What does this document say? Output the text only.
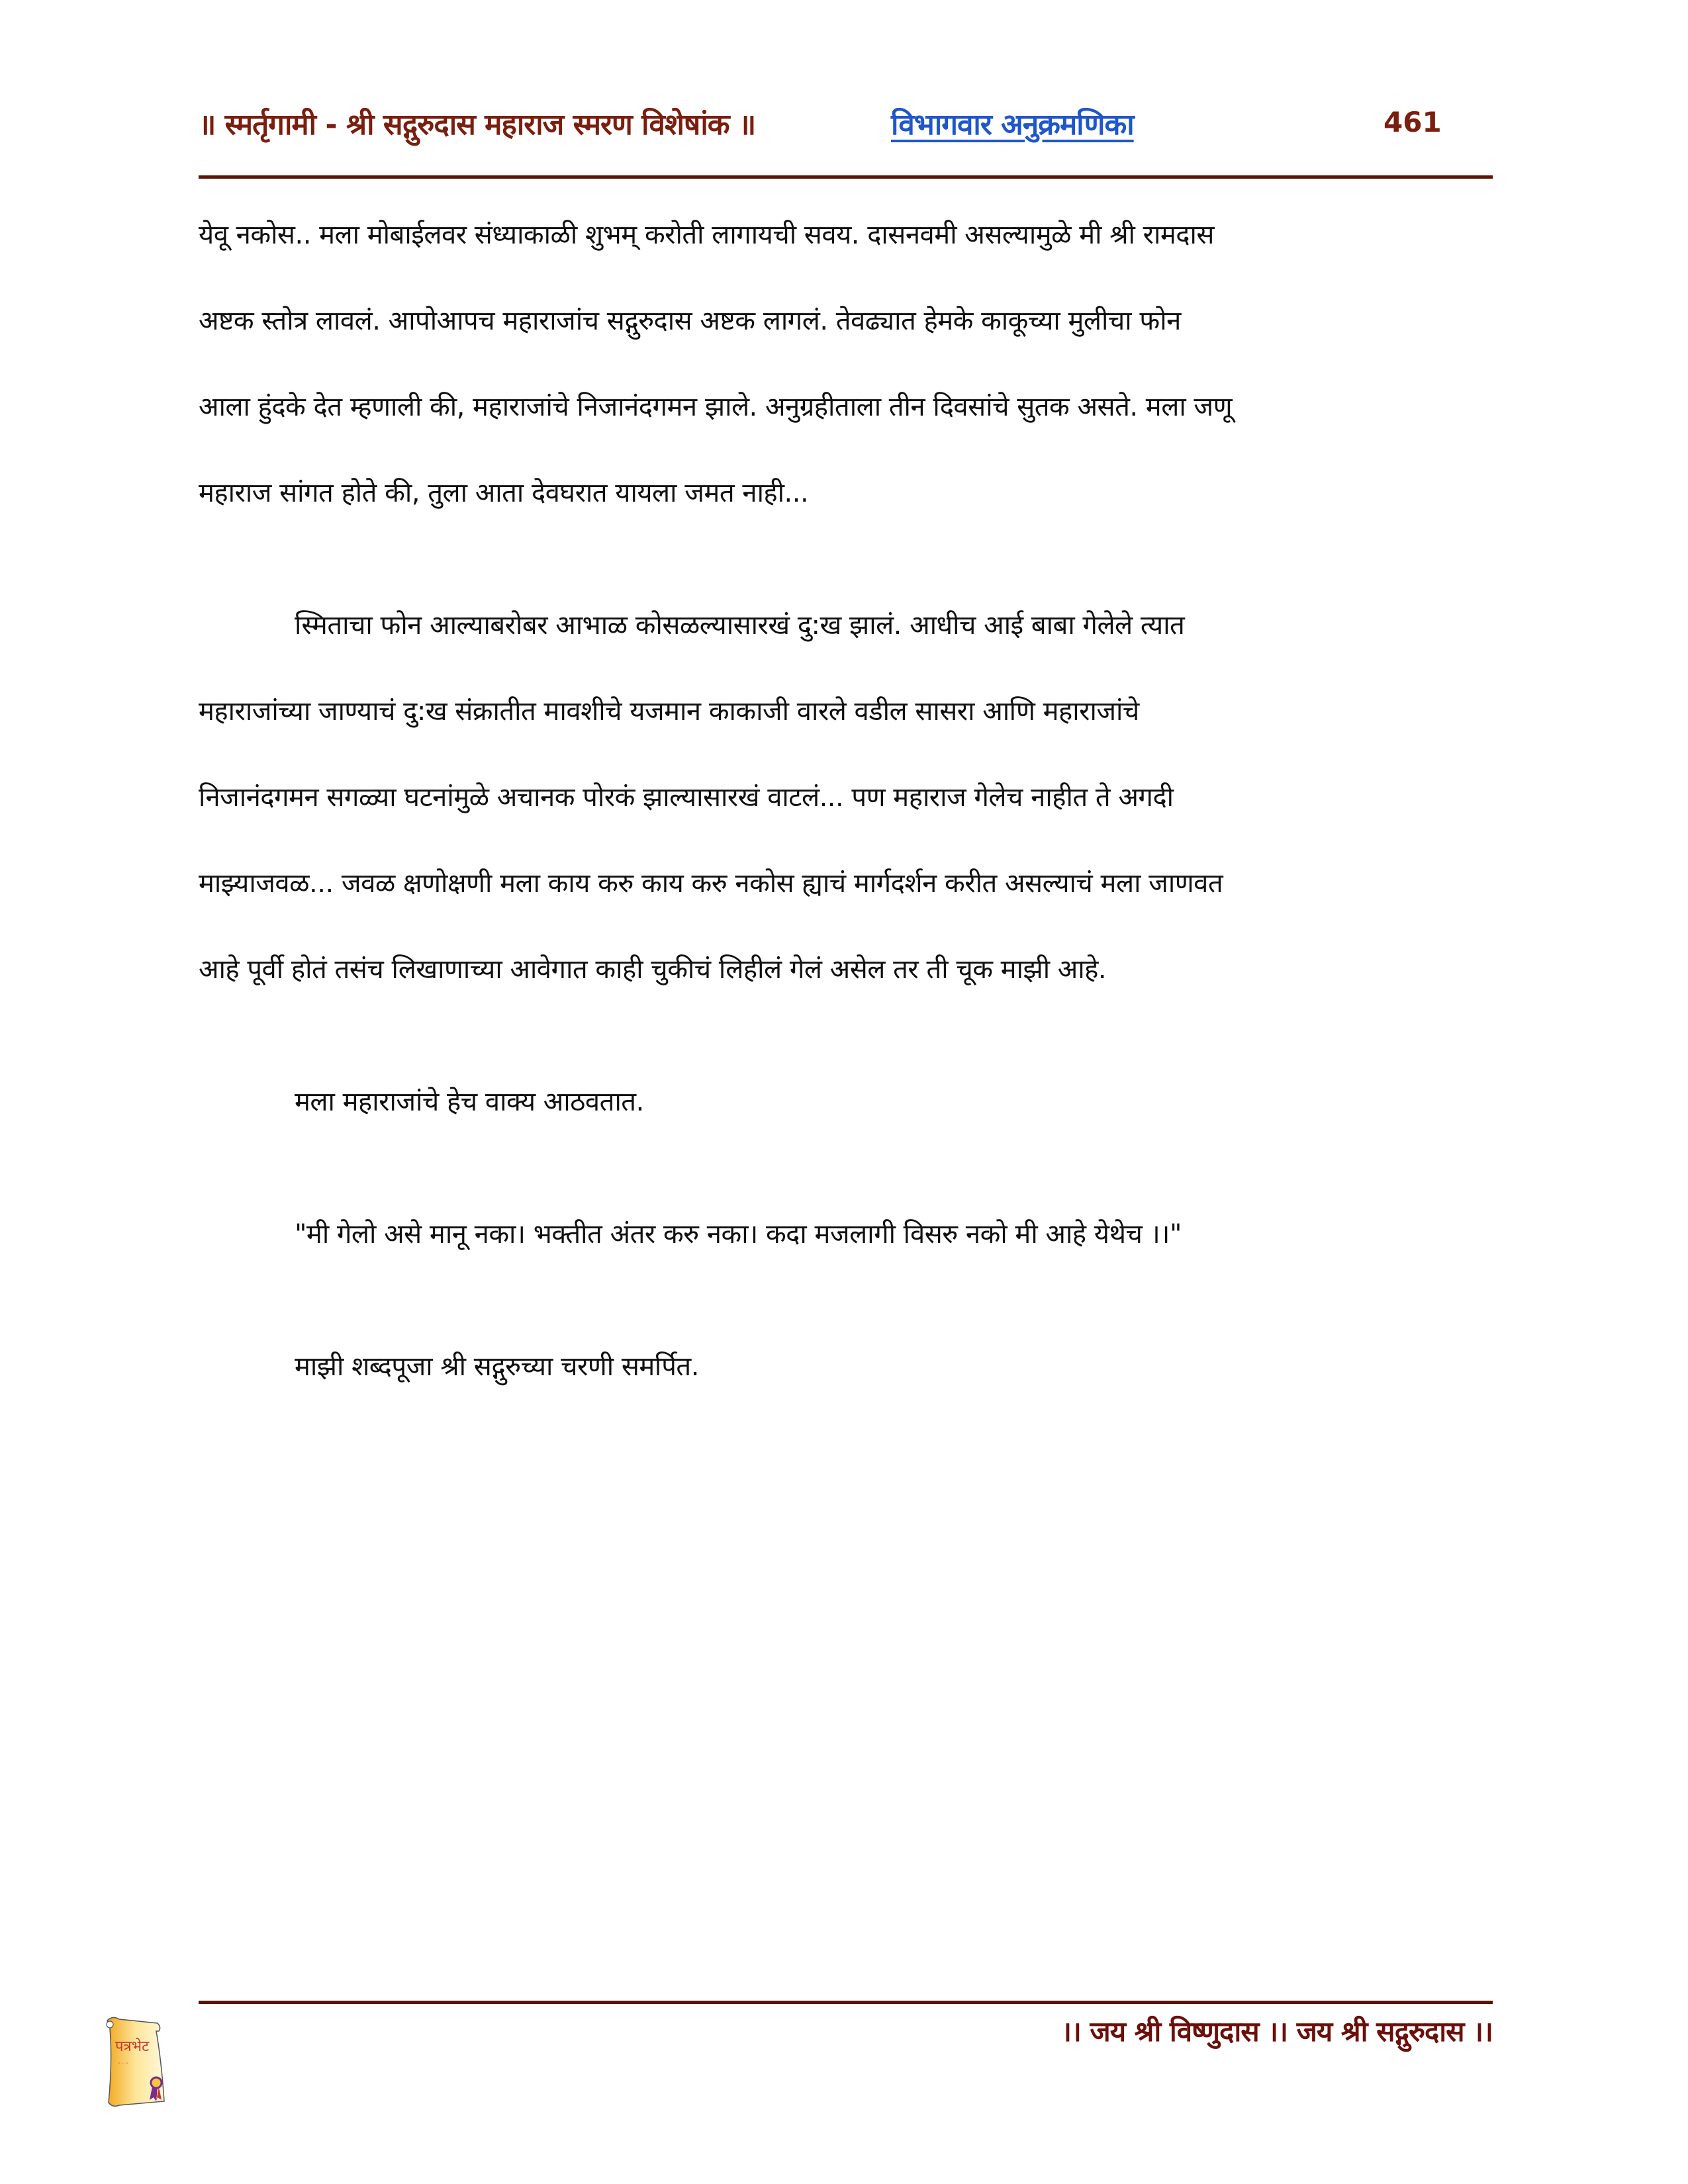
॥ स्मर्तृगामी - श्री सद्गुरुदास महाराज स्मरण विशेषांक ॥	विभागवार अनुक्रमणिका	461
येवू नकोस.. मला मोबाईलवर संध्याकाळी शुभम् करोती लागायची सवय. दासनवमी असल्यामुळे मी श्री रामदास
अष्टक स्तोत्र लावलं. आपोआपच महाराजांच सद्गुरुदास अष्टक लागलं. तेवढ्यात हेमके काकूच्या मुलीचा फोन
आला हुंदके देत म्हणाली की, महाराजांचे निजानंदगमन झाले. अनुग्रहीताला तीन दिवसांचे सुतक असते. मला जणू
महाराज सांगत होते की, तुला आता देवघरात यायला जमत नाही...
स्मिताचा फोन आल्याबरोबर आभाळ कोसळल्यासारखं दु:ख झालं. आधीच आई बाबा गेलेले त्यात
महाराजांच्या जाण्याचं दु:ख संक्रातीत मावशीचे यजमान काकाजी वारले वडील सासरा आणि महाराजांचे
निजानंदगमन सगळ्या घटनांमुळे अचानक पोरकं झाल्यासारखं वाटलं... पण महाराज गेलेच नाहीत ते अगदी
माझ्याजवळ... जवळ क्षणोक्षणी मला काय करु काय करु नकोस ह्याचं मार्गदर्शन करीत असल्याचं मला जाणवत
आहे पूर्वी होतं तसंच लिखाणाच्या आवेगात काही चुकीचं लिहीलं गेलं असेल तर ती चूक माझी आहे.
मला महाराजांचे हेच वाक्य आठवतात.
"मी गेलो असे मानू नका। भक्तीत अंतर करु नका। कदा मजलागी विसरु नको मी आहे येथेच ।।"
माझी शब्दपूजा श्री सद्गुरुच्या चरणी समर्पित.
पत्रभेट
“ ··· ”
।। जय श्री विष्णुदास ।। जय श्री सद्गुरुदास ।।
